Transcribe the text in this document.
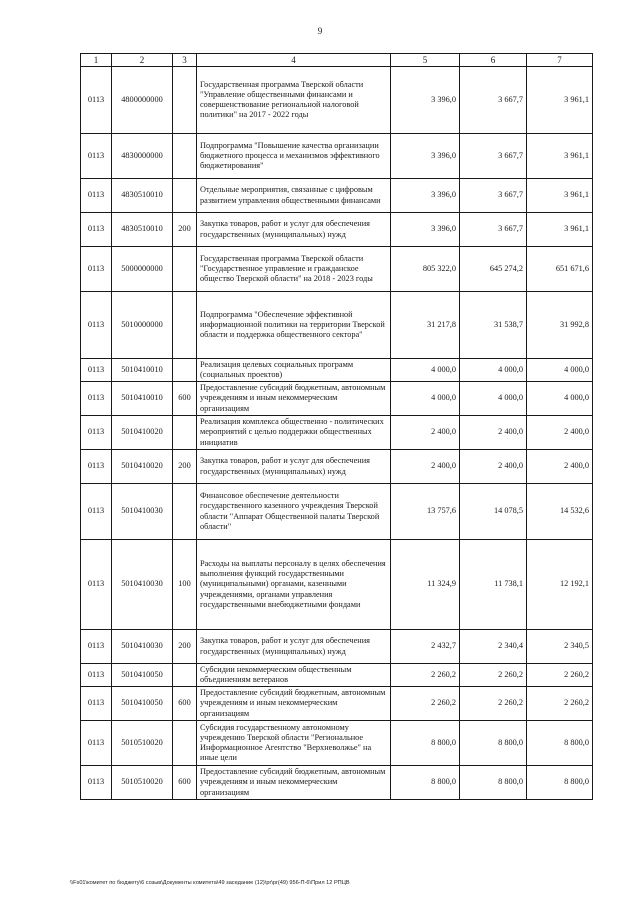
9
1	2	3	4	5	6	7
0113	4800000000		Государственная программа Тверской области "Управление общественными финансами и совершенствование региональной налоговой политики" на 2017 - 2022 годы	3 396,0	3 667,7	3 961,1
0113	4830000000		Подпрограмма "Повышение качества организации бюджетного процесса и механизмов эффективного бюджетирования"	3 396,0	3 667,7	3 961,1
0113	4830510010		Отдельные мероприятия, связанные с цифровым развитием управления общественными финансами	3 396,0	3 667,7	3 961,1
0113	4830510010	200	Закупка товаров, работ и услуг для обеспечения государственных (муниципальных) нужд	3 396,0	3 667,7	3 961,1
0113	5000000000		Государственная программа Тверской области "Государственное управление и гражданское общество Тверской области" на 2018 - 2023 годы	805 322,0	645 274,2	651 671,6
0113	5010000000		Подпрограмма "Обеспечение эффективной информационной политики на территории Тверской области и поддержка общественного сектора"	31 217,8	31 538,7	31 992,8
0113	5010410010		Реализация целевых социальных программ (социальных проектов)	4 000,0	4 000,0	4 000,0
0113	5010410010	600	Предоставление субсидий бюджетным, автономным учреждениям и иным некоммерческим организациям	4 000,0	4 000,0	4 000,0
0113	5010410020		Реализация комплекса общественно - политических мероприятий с целью поддержки общественных инициатив	2 400,0	2 400,0	2 400,0
0113	5010410020	200	Закупка товаров, работ и услуг для обеспечения государственных (муниципальных) нужд	2 400,0	2 400,0	2 400,0
0113	5010410030		Финансовое обеспечение деятельности государственного казенного учреждения Тверской области "Аппарат Общественной палаты Тверской области"	13 757,6	14 078,5	14 532,6
0113	5010410030	100	Расходы на выплаты персоналу в целях обеспечения выполнения функций государственными (муниципальными) органами, казенными учреждениями, органами управления государственными внебюджетными фондами	11 324,9	11 738,1	12 192,1
0113	5010410030	200	Закупка товаров, работ и услуг для обеспечения государственных (муниципальных) нужд	2 432,7	2 340,4	2 340,5
0113	5010410050		Субсидии некоммерческим общественным объединениям ветеранов	2 260,2	2 260,2	2 260,2
0113	5010410050	600	Предоставление субсидий бюджетным, автономным учреждениям и иным некоммерческим организациям	2 260,2	2 260,2	2 260,2
0113	5010510020		Субсидия государственному автономному учреждению Тверской области "Региональное Информационное Агентство "Верхневолжье" на иные цели	8 800,0	8 800,0	8 800,0
0113	5010510020	600	Предоставление субсидий бюджетным, автономным учреждениям и иным некоммерческим организациям	8 800,0	8 800,0	8 800,0
\\Fs01\комитет по бюджету\6 созыв\Документы комитета\49 заседание (12)\pr\pr(49) 956-П-6\Прил 12 РПЦВ
